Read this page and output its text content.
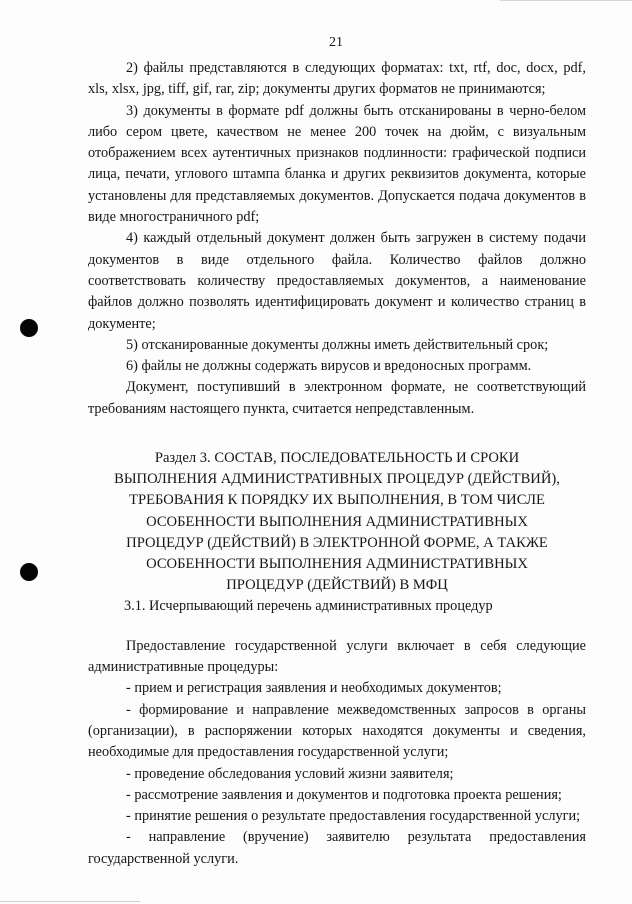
21

2) файлы представляются в следующих форматах: txt, rtf, doc, docx, pdf, xls, xlsx, jpg, tiff, gif, rar, zip; документы других форматов не принимаются;

3) документы в формате pdf должны быть отсканированы в черно-белом либо сером цвете, качеством не менее 200 точек на дюйм, с визуальным отображением всех аутентичных признаков подлинности: графической подписи лица, печати, углового штампа бланка и других реквизитов документа, которые установлены для представляемых документов. Допускается подача документов в виде многостраничного pdf;

4) каждый отдельный документ должен быть загружен в систему подачи документов в виде отдельного файла. Количество файлов должно соответствовать количеству предоставляемых документов, а наименование файлов должно позволять идентифицировать документ и количество страниц в документе;

5) отсканированные документы должны иметь действительный срок;

6) файлы не должны содержать вирусов и вредоносных программ.

Документ, поступивший в электронном формате, не соответствующий требованиям настоящего пункта, считается непредставленным.

Раздел 3. СОСТАВ, ПОСЛЕДОВАТЕЛЬНОСТЬ И СРОКИ ВЫПОЛНЕНИЯ АДМИНИСТРАТИВНЫХ ПРОЦЕДУР (ДЕЙСТВИЙ), ТРЕБОВАНИЯ К ПОРЯДКУ ИХ ВЫПОЛНЕНИЯ, В ТОМ ЧИСЛЕ ОСОБЕННОСТИ ВЫПОЛНЕНИЯ АДМИНИСТРАТИВНЫХ ПРОЦЕДУР (ДЕЙСТВИЙ) В ЭЛЕКТРОННОЙ ФОРМЕ, А ТАКЖЕ ОСОБЕННОСТИ ВЫПОЛНЕНИЯ АДМИНИСТРАТИВНЫХ ПРОЦЕДУР (ДЕЙСТВИЙ) В МФЦ

3.1. Исчерпывающий перечень административных процедур

Предоставление государственной услуги включает в себя следующие административные процедуры:

- прием и регистрация заявления и необходимых документов;

- формирование и направление межведомственных запросов в органы (организации), в распоряжении которых находятся документы и сведения, необходимые для предоставления государственной услуги;

- проведение обследования условий жизни заявителя;

- рассмотрение заявления и документов и подготовка проекта решения;

- принятие решения о результате предоставления государственной услуги;

- направление (вручение) заявителю результата предоставления государственной услуги.
